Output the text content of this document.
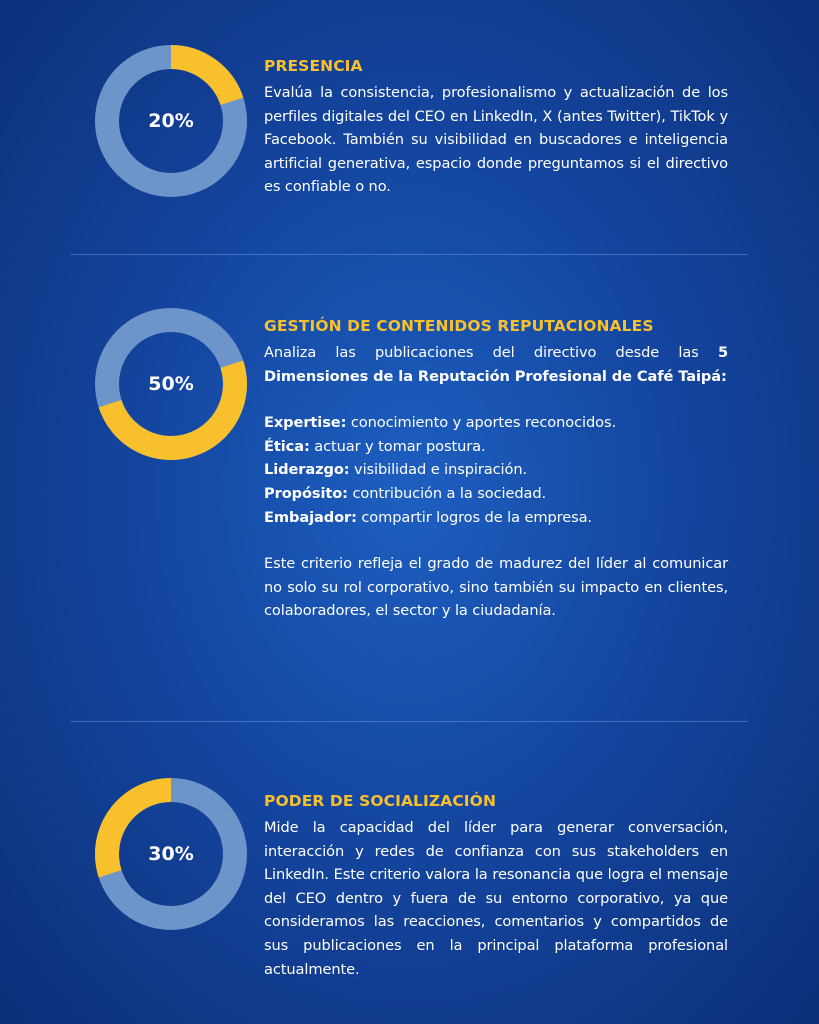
20%
PRESENCIA

Evalúa la consistencia, profesionalismo y actualización de los perfiles digitales del CEO en LinkedIn, X (antes Twitter), TikTok y Facebook. También su visibilidad en buscadores e inteligencia artificial generativa, espacio donde preguntamos si el directivo es confiable o no.

50%
GESTIÓN DE CONTENIDOS REPUTACIONALES

Analiza las publicaciones del directivo desde las 5 Dimensiones de la Reputación Profesional de Café Taipá:

Expertise: conocimiento y aportes reconocidos.
Ética: actuar y tomar postura.
Liderazgo: visibilidad e inspiración.
Propósito: contribución a la sociedad.
Embajador: compartir logros de la empresa.

Este criterio refleja el grado de madurez del líder al comunicar no solo su rol corporativo, sino también su impacto en clientes, colaboradores, el sector y la ciudadanía.

30%
PODER DE SOCIALIZACIÓN

Mide la capacidad del líder para generar conversación, interacción y redes de confianza con sus stakeholders en LinkedIn. Este criterio valora la resonancia que logra el mensaje del CEO dentro y fuera de su entorno corporativo, ya que consideramos las reacciones, comentarios y compartidos de sus publicaciones en la principal plataforma profesional actualmente.
